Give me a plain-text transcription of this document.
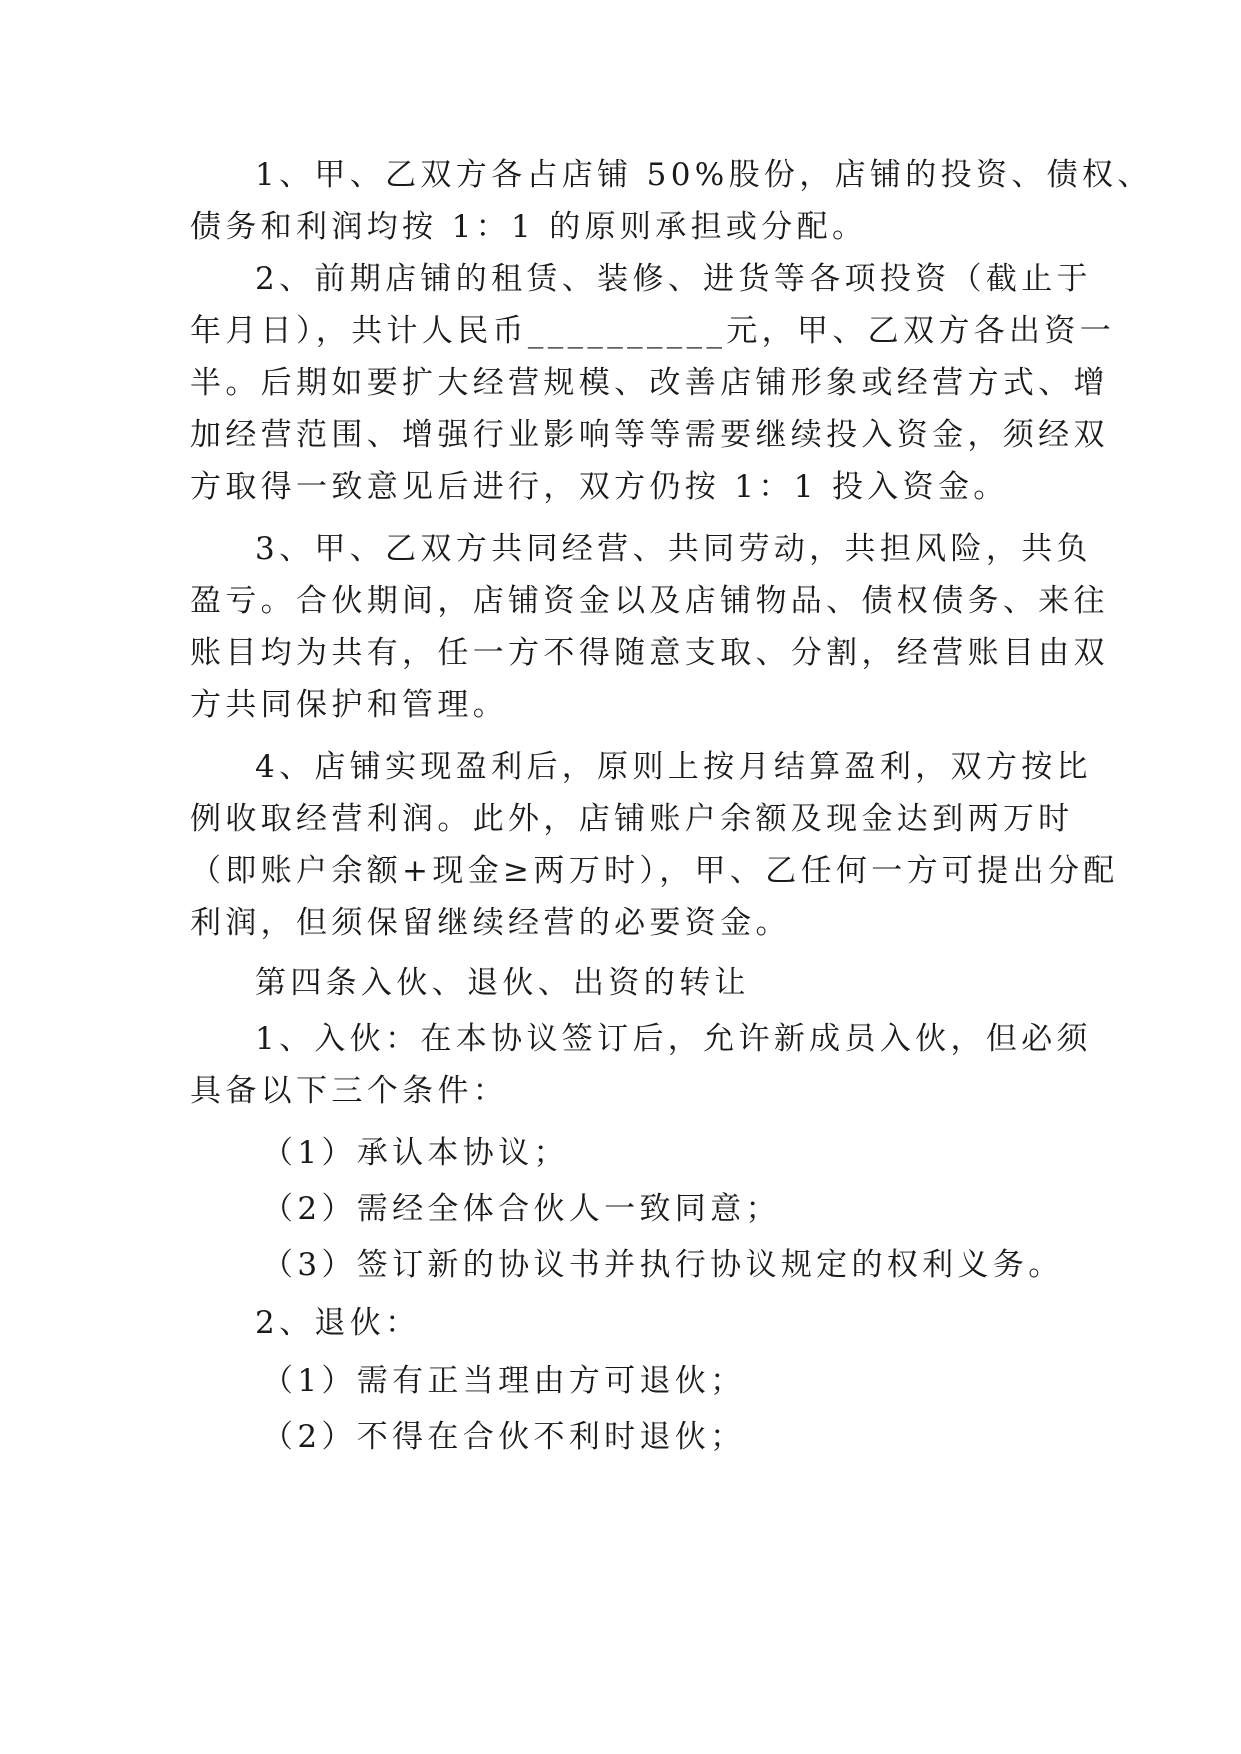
1、甲、乙双方各占店铺 50%股份，店铺的投资、债权、
债务和利润均按 1：1 的原则承担或分配。
2、前期店铺的租赁、装修、进货等各项投资（截止于
年月日），共计人民币__________元，甲、乙双方各出资一
半。后期如要扩大经营规模、改善店铺形象或经营方式、增
加经营范围、增强行业影响等等需要继续投入资金，须经双
方取得一致意见后进行，双方仍按 1：1 投入资金。
3、甲、乙双方共同经营、共同劳动，共担风险，共负
盈亏。合伙期间，店铺资金以及店铺物品、债权债务、来往
账目均为共有，任一方不得随意支取、分割，经营账目由双
方共同保护和管理。
4、店铺实现盈利后，原则上按月结算盈利，双方按比
例收取经营利润。此外，店铺账户余额及现金达到两万时
（即账户余额+现金≥两万时），甲、乙任何一方可提出分配
利润，但须保留继续经营的必要资金。
第四条入伙、退伙、出资的转让
1、入伙：在本协议签订后，允许新成员入伙，但必须
具备以下三个条件：
（1）承认本协议；
（2）需经全体合伙人一致同意；
（3）签订新的协议书并执行协议规定的权利义务。
2、退伙：
（1）需有正当理由方可退伙；
（2）不得在合伙不利时退伙；
